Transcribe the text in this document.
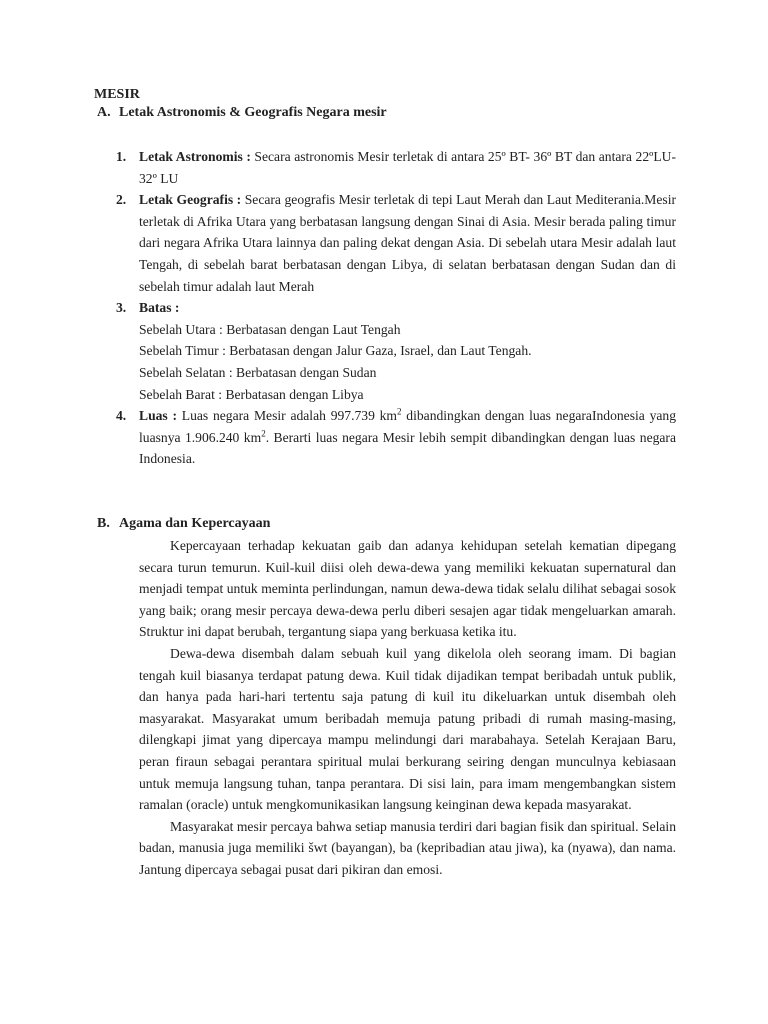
MESIR
A. Letak Astronomis & Geografis Negara mesir
1. Letak Astronomis : Secara astronomis Mesir terletak di antara 25º BT- 36º BT dan antara 22ºLU- 32º LU
2. Letak Geografis : Secara geografis Mesir terletak di tepi Laut Merah dan Laut Mediterania.Mesir terletak di Afrika Utara yang berbatasan langsung dengan Sinai di Asia. Mesir berada paling timur dari negara Afrika Utara lainnya dan paling dekat dengan Asia. Di sebelah utara Mesir adalah laut Tengah, di sebelah barat berbatasan dengan Libya, di selatan berbatasan dengan Sudan dan di sebelah timur adalah laut Merah
3. Batas :
Sebelah Utara : Berbatasan dengan Laut Tengah
Sebelah Timur : Berbatasan dengan Jalur Gaza, Israel, dan Laut Tengah.
Sebelah Selatan : Berbatasan dengan Sudan
Sebelah Barat : Berbatasan dengan Libya
4. Luas : Luas negara Mesir adalah 997.739 $km^2$ dibandingkan dengan luas negaraIndonesia yang luasnya 1.906.240 $km^2$. Berarti luas negara Mesir lebih sempit dibandingkan dengan luas negara Indonesia.
B. Agama dan Kepercayaan

Kepercayaan terhadap kekuatan gaib dan adanya kehidupan setelah kematian dipegang secara turun temurun. Kuil-kuil diisi oleh dewa-dewa yang memiliki kekuatan supernatural dan menjadi tempat untuk meminta perlindungan, namun dewa-dewa tidak selalu dilihat sebagai sosok yang baik; orang mesir percaya dewa-dewa perlu diberi sesajen agar tidak mengeluarkan amarah. Struktur ini dapat berubah, tergantung siapa yang berkuasa ketika itu.

Dewa-dewa disembah dalam sebuah kuil yang dikelola oleh seorang imam. Di bagian tengah kuil biasanya terdapat patung dewa. Kuil tidak dijadikan tempat beribadah untuk publik, dan hanya pada hari-hari tertentu saja patung di kuil itu dikeluarkan untuk disembah oleh masyarakat. Masyarakat umum beribadah memuja patung pribadi di rumah masing-masing, dilengkapi jimat yang dipercaya mampu melindungi dari marabahaya. Setelah Kerajaan Baru, peran firaun sebagai perantara spiritual mulai berkurang seiring dengan munculnya kebiasaan untuk memuja langsung tuhan, tanpa perantara. Di sisi lain, para imam mengembangkan sistem ramalan (oracle) untuk mengkomunikasikan langsung keinginan dewa kepada masyarakat.

Masyarakat mesir percaya bahwa setiap manusia terdiri dari bagian fisik dan spiritual. Selain badan, manusia juga memiliki šwt (bayangan), ba (kepribadian atau jiwa), ka (nyawa), dan nama. Jantung dipercaya sebagai pusat dari pikiran dan emosi.
